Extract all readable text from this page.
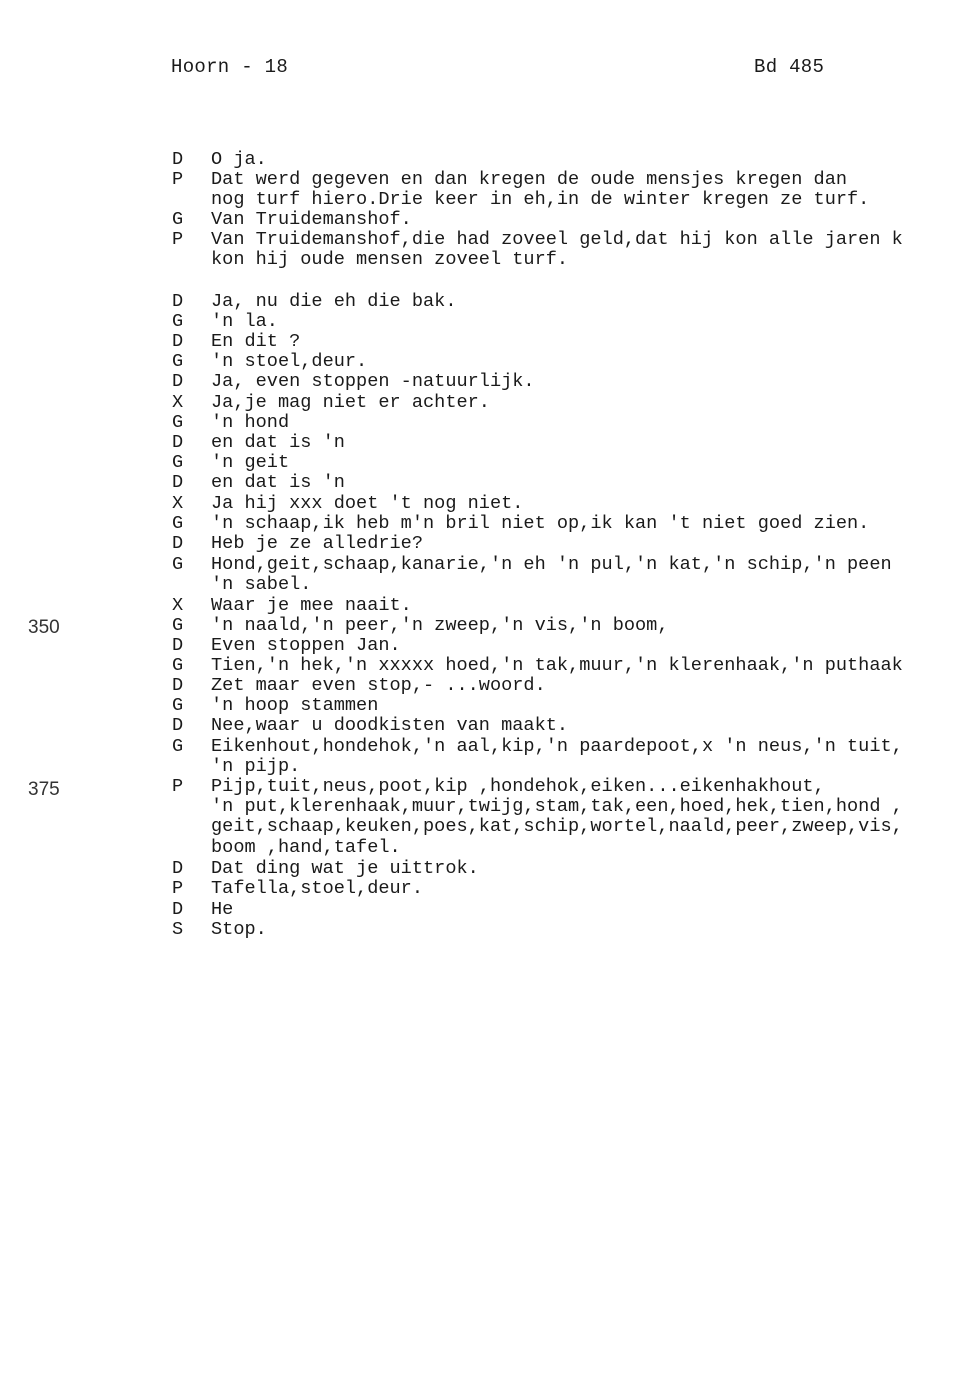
Hoorn - 18	Bd 485
350
375
D	O ja.
P	Dat werd gegeven en dan kregen de oude mensjes kregen dan
nog turf hiero.Drie keer in eh,in de winter kregen ze turf.
G	Van Truidemanshof.
P	Van Truidemanshof,die had zoveel geld,dat hij kon alle jaren k
kon hij oude mensen zoveel turf.
D	Ja, nu die eh die bak.
G	'n la.
D	En dit ?
G	'n stoel,deur.
D	Ja, even stoppen -natuurlijk.
X	Ja,je mag niet er achter.
G	'n hond
D	en dat is 'n
G	'n geit
D	en dat is 'n
X	Ja hij xxx doet 't nog niet.
G	'n schaap,ik heb m'n bril niet op,ik kan 't niet goed zien.
D	Heb je ze alledrie?
G	Hond,geit,schaap,kanarie,'n eh 'n pul,'n kat,'n schip,'n peen
'n sabel.
X	Waar je mee naait.
G	'n naald,'n peer,'n zweep,'n vis,'n boom,
D	Even stoppen Jan.
G	Tien,'n hek,'n xxxxx hoed,'n tak,muur,'n klerenhaak,'n puthaak
D	Zet maar even stop,- ...woord.
G	'n hoop stammen
D	Nee,waar u doodkisten van maakt.
G	Eikenhout,hondehok,'n aal,kip,'n paardepoot,x 'n neus,'n tuit,
'n pijp.
P	Pijp,tuit,neus,poot,kip ,hondehok,eiken...eikenhakhout,
'n put,klerenhaak,muur,twijg,stam,tak,een,hoed,hek,tien,hond ,
geit,schaap,keuken,poes,kat,schip,wortel,naald,peer,zweep,vis,
boom ,hand,tafel.
D	Dat ding wat je uittrok.
P	Tafella,stoel,deur.
D	He
S	Stop.
